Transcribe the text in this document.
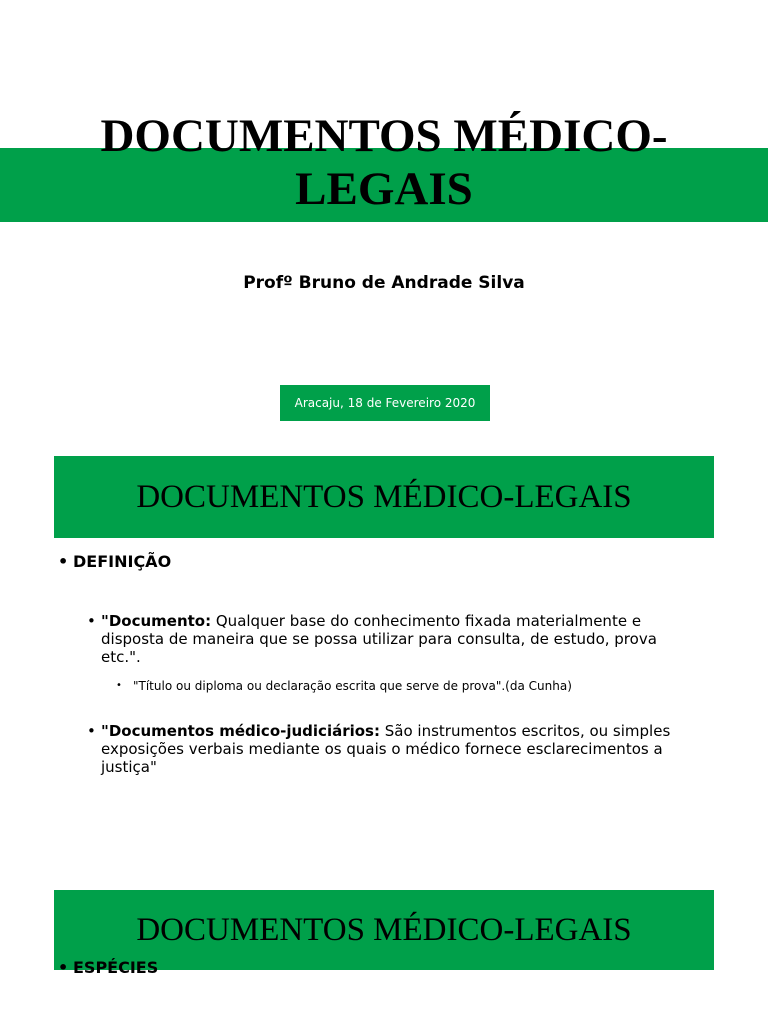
DOCUMENTOS MÉDICO-
LEGAIS
Profº Bruno de Andrade Silva
Aracaju, 18 de Fevereiro 2020
DOCUMENTOS MÉDICO-LEGAIS

• DEFINIÇÃO

• "Documento: Qualquer base do conhecimento fixada materialmente e disposta de maneira que se possa utilizar para consulta, de estudo, prova etc.".
• "Título ou diploma ou declaração escrita que serve de prova".(da Cunha)
• "Documentos médico-judiciários: São instrumentos escritos, ou simples exposições verbais mediante os quais o médico fornece esclarecimentos a justiça"
DOCUMENTOS MÉDICO-LEGAIS

• ESPÉCIES
